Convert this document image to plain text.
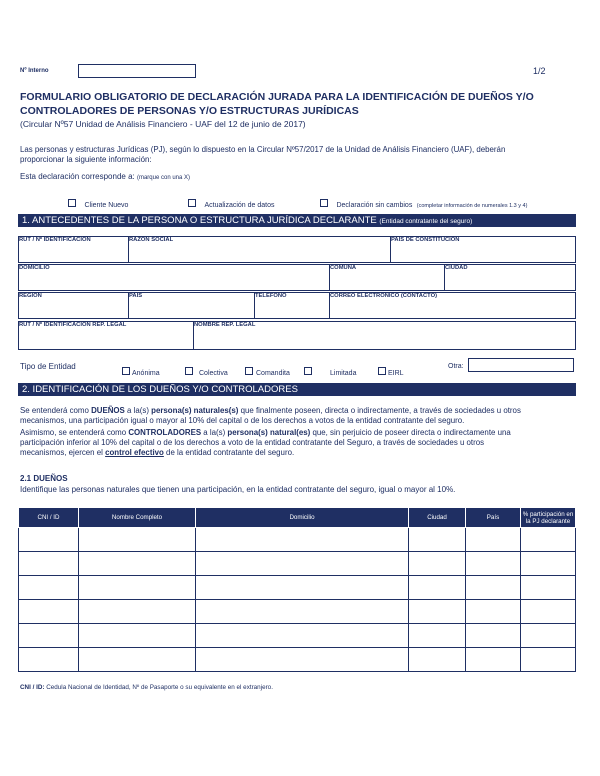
Nº Interno	1/2
FORMULARIO OBLIGATORIO DE DECLARACIÓN JURADA PARA LA IDENTIFICACIÓN DE DUEÑOS Y/O
CONTROLADORES DE PERSONAS Y/O ESTRUCTURAS JURÍDICAS
(Circular Nº57 Unidad de Análisis Financiero - UAF del 12 de junio de 2017)
Las personas y estructuras Jurídicas (PJ), según lo dispuesto en la Circular Nº57/2017 de la Unidad de Análisis Financiero (UAF), deberán
proporcionar la siguiente información:
Esta declaración corresponde a: (marque con una X)
Cliente Nuevo	Actualización de datos	Declaración sin cambios (completar información de numerales 1.3 y 4)
1. ANTECEDENTES DE LA PERSONA O ESTRUCTURA JURÍDICA DECLARANTE (Entidad contratante del seguro)
RUT / Nº IDENTIFICACION	RAZON SOCIAL	PAIS DE CONSTITUCIÓN
DOMICILIO	COMUNA	CIUDAD
REGIÓN	PAÍS	TELÉFONO	CORREO ELECTRONICO (CONTACTO)
RUT / Nº IDENTIFICACION REP. LEGAL	NOMBRE REP. LEGAL
Tipo de Entidad
Anónima	Colectiva	Comandita	Limitada	EIRL
Otra:
2. IDENTIFICACIÓN DE LOS DUEÑOS Y/O CONTROLADORES
Se entenderá como DUEÑOS a la(s) persona(s) naturales(s) que finalmente poseen, directa o indirectamente, a través de sociedades u otros
mecanismos, una participación igual o mayor al 10% del capital o de los derechos a votos de la entidad contratante del seguro.
Asimismo, se entenderá como CONTROLADORES a la(s) persona(s) natural(es) que, sin perjuicio de poseer directa o indirectamente una
participación inferior al 10% del capital o de los derechos a voto de la entidad contratante del Seguro, a través de sociedades u otros
mecanismos, ejercen el control efectivo de la entidad contratante del seguro.
2.1 DUEÑOS
Identifique las personas naturales que tienen una participación, en la entidad contratante del seguro, igual o mayor al 10%.
CNI / ID	Nombre Completo	Domicilio	Ciudad	País	% participación en la PJ declarante

CNI / ID: Cedula Nacional de Identidad, Nº de Pasaporte o su equivalente en el extranjero.
